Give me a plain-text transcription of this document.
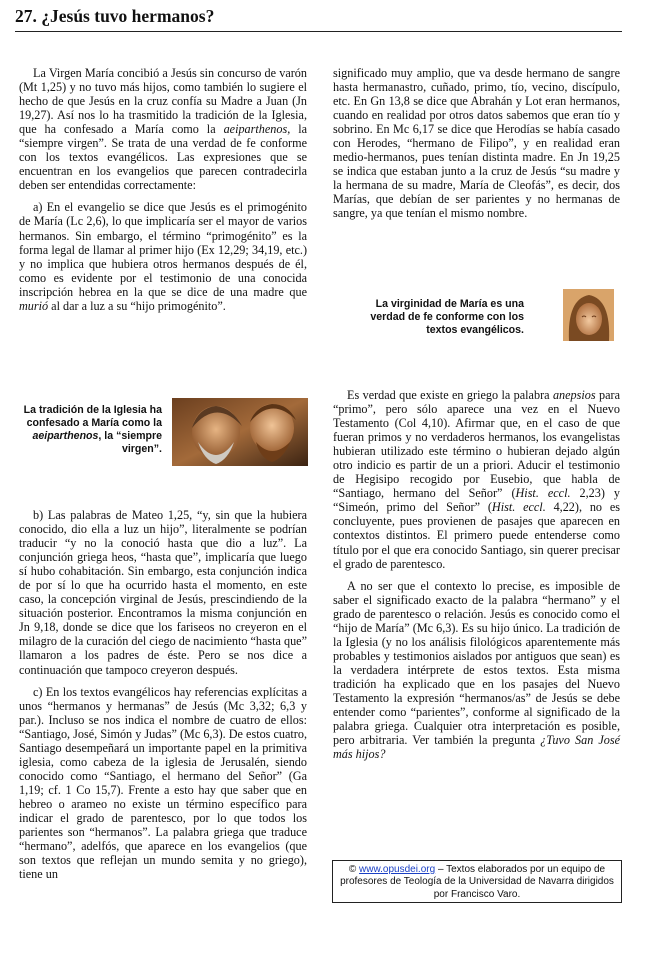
27. ¿Jesús tuvo hermanos?

La Virgen María concibió a Jesús sin concurso de varón (Mt 1,25) y no tuvo más hijos, como también lo sugiere el hecho de que Jesús en la cruz confía su Madre a Juan (Jn 19,27). Así nos lo ha trasmitido la tradición de la Iglesia, que ha confesado a María como la aeiparthenos, la “siempre virgen”. Se trata de una verdad de fe conforme con los textos evangélicos. Las expresiones que se encuentran en los evangelios que parecen contradecirla deben ser entendidas correctamente:

a) En el evangelio se dice que Jesús es el primogénito de María (Lc 2,6), lo que implicaría ser el mayor de varios hermanos. Sin embargo, el término “primogénito” es la forma legal de llamar al primer hijo (Ex 12,29; 34,19, etc.) y no implica que hubiera otros hermanos después de él, como es evidente por el testimonio de una conocida inscripción hebrea en la que se dice de una madre que murió al dar a luz a su “hijo primogénito”.

La tradición de la Iglesia ha confesado a María como la aeiparthenos, la “siempre virgen”.

b) Las palabras de Mateo 1,25, “y, sin que la hubiera conocido, dio ella a luz un hijo”, literalmente se podrían traducir “y no la conoció hasta que dio a luz”. La conjunción griega heos, “hasta que”, implicaría que luego sí hubo cohabitación. Sin embargo, esta conjunción indica de por sí lo que ha ocurrido hasta el momento, en este caso, la concepción virginal de Jesús, prescindiendo de la situación posterior. Encontramos la misma conjunción en Jn 9,18, donde se dice que los fariseos no creyeron en el milagro de la curación del ciego de nacimiento “hasta que” llamaron a los padres de éste. Pero se nos dice a continuación que tampoco creyeron después.

c) En los textos evangélicos hay referencias explícitas a unos “hermanos y hermanas” de Jesús (Mc 3,32; 6,3 y par.). Incluso se nos indica el nombre de cuatro de ellos: “Santiago, José, Simón y Judas” (Mc 6,3). De estos cuatro, Santiago desempeñará un importante papel en la primitiva iglesia, como cabeza de la iglesia de Jerusalén, siendo conocido como “Santiago, el hermano del Señor” (Ga 1,19; cf. 1 Co 15,7). Frente a esto hay que saber que en hebreo o arameo no existe un término específico para indicar el grado de parentesco, por lo que todos los parientes son “hermanos”. La palabra griega que traduce “hermano”, adelfós, que aparece en los evangelios (que son textos que reflejan un mundo semita y no griego), tiene un

significado muy amplio, que va desde hermano de sangre hasta hermanastro, cuñado, primo, tío, vecino, discípulo, etc. En Gn 13,8 se dice que Abrahán y Lot eran hermanos, cuando en realidad por otros datos sabemos que eran tío y sobrino. En Mc 6,17 se dice que Herodías se había casado con Herodes, “hermano de Filipo”, y en realidad eran medio-hermanos, pues tenían distinta madre. En Jn 19,25 se indica que estaban junto a la cruz de Jesús “su madre y la hermana de su madre, María de Cleofás”, es decir, dos Marías, que debían de ser parientes y no hermanas de sangre, ya que tenían el mismo nombre.

La virginidad de María es una verdad de fe conforme con los textos evangélicos.

Es verdad que existe en griego la palabra anepsios para “primo”, pero sólo aparece una vez en el Nuevo Testamento (Col 4,10). Afirmar que, en el caso de que fueran primos y no verdaderos hermanos, los evangelistas hubieran utilizado este término o hubieran dejado algún otro indicio es partir de un a priori. Aducir el testimonio de Hegisipo recogido por Eusebio, que habla de “Santiago, hermano del Señor” (Hist. eccl. 2,23) y “Simeón, primo del Señor” (Hist. eccl. 4,22), no es concluyente, pues provienen de pasajes que aparecen en contextos distintos. El primero puede entenderse como título por el que era conocido Santiago, sin querer precisar el grado de parentesco.

A no ser que el contexto lo precise, es imposible de saber el significado exacto de la palabra “hermano” y el grado de parentesco o relación. Jesús es conocido como el “hijo de María” (Mc 6,3). Es su hijo único. La tradición de la Iglesia (y no los análisis filológicos aparentemente más probables y testimonios aislados por antiguos que sean) es la verdadera intérprete de estos textos. Esta misma tradición ha explicado que en los pasajes del Nuevo Testamento la expresión “hermanos/as” de Jesús se debe entender como “parientes”, conforme al significado de la palabra griega. Cualquier otra interpretación es posible, pero arbitraria. Ver también la pregunta ¿Tuvo San José más hijos?

© www.opusdei.org – Textos elaborados por un equipo de profesores de Teología de la Universidad de Navarra dirigidos por Francisco Varo.
